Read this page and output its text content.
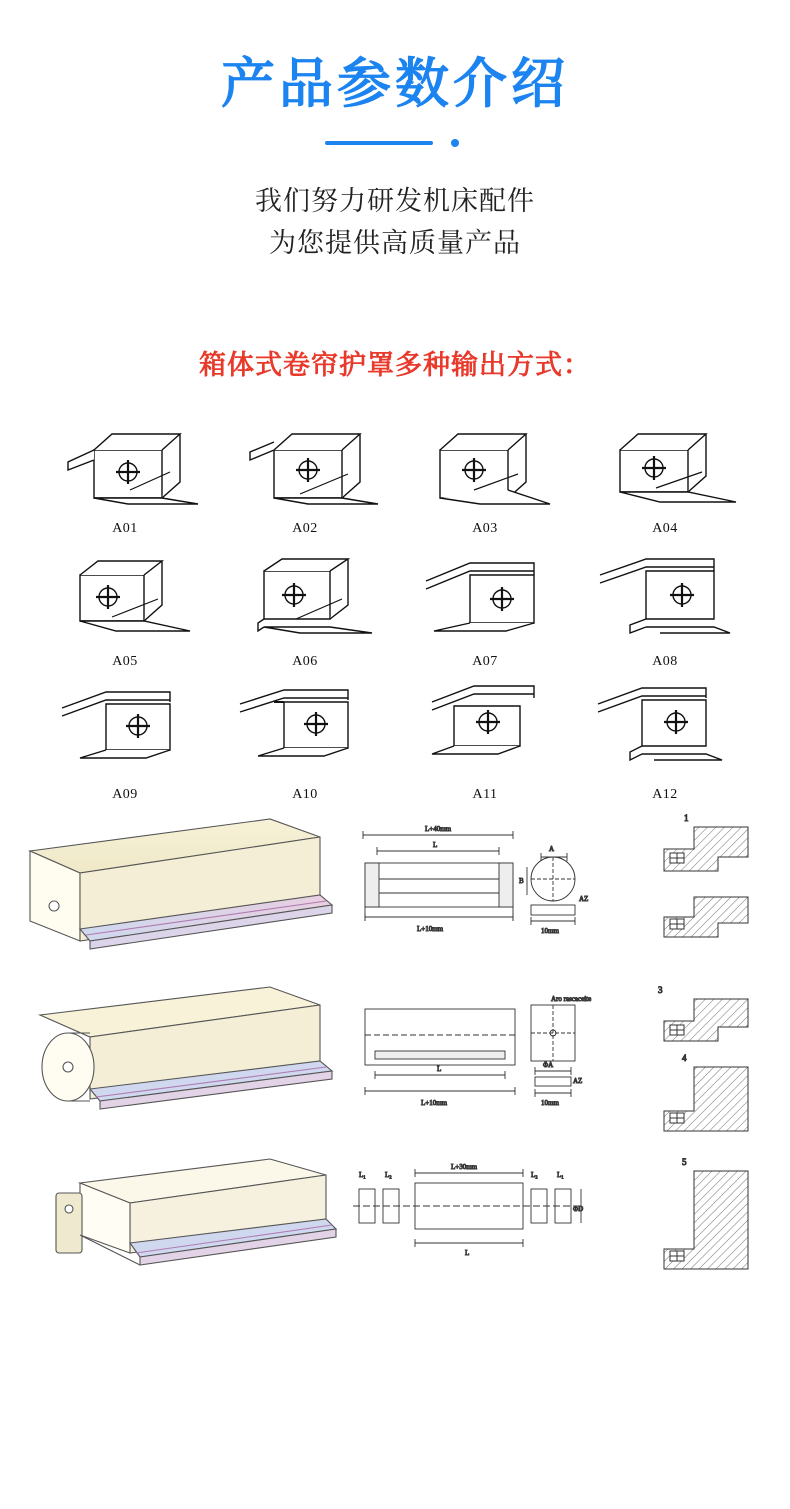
产品参数介绍
我们努力研发机床配件
为您提供高质量产品
箱体式卷帘护罩多种输出方式：
A01	A02	A03	A04
A05	A06	A07	A08
A09	A10	A11	A12
L+40mm
L
L+10mm
A
B
AZ
10mm
1
L
L+10mm
Aro rascaceite
ΦA
AZ
10mm
3
4
L₁	L₂
L+30mm
L₂	L₁
L
ΦD
5
